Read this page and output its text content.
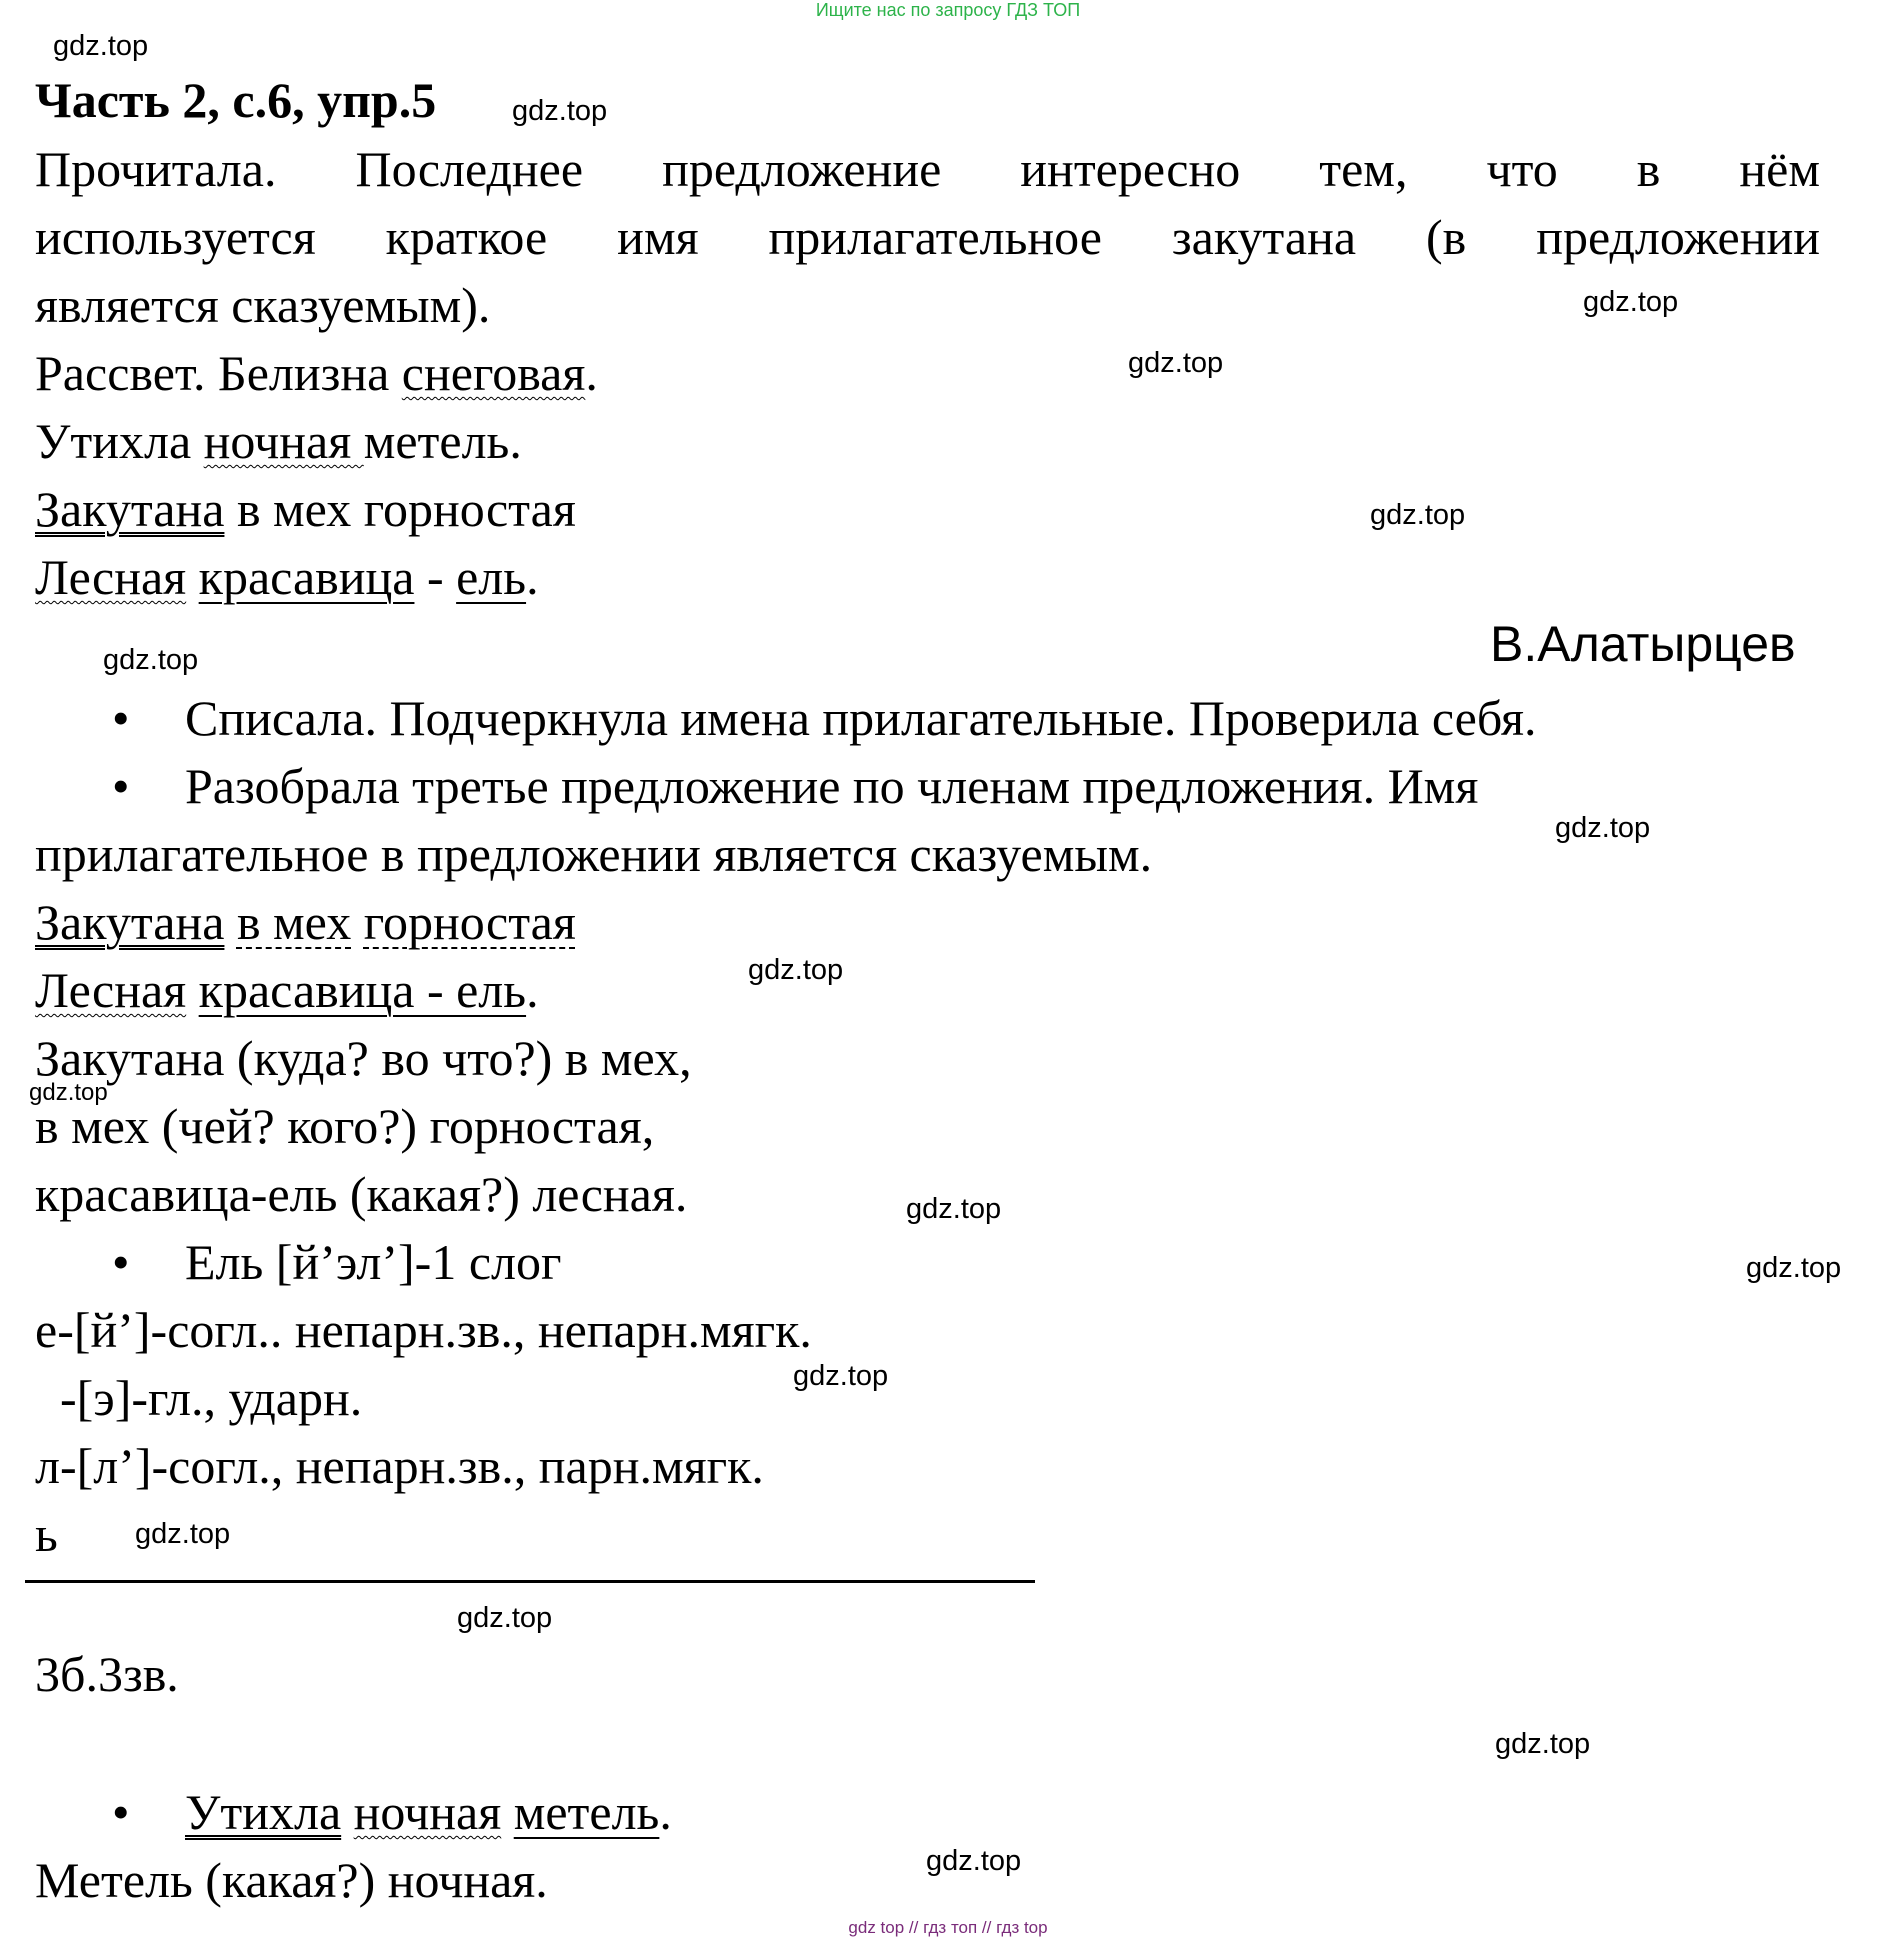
Ищите нас по запросу ГДЗ ТОП
gdz.top
Часть 2, с.6, упр.5	gdz.top
Прочитала. Последнее предложение интересно тем, что в нём
используется краткое имя прилагательное закутана (в предложении
является сказуемым).	gdz.top
Рассвет. Белизна снеговая.	gdz.top
Утихла ночная метель.
Закутана в мех горностая	gdz.top
Лесная красавица - ель.
В.Алатырцев
gdz.top
• Списала. Подчеркнула имена прилагательные. Проверила себя.
• Разобрала третье предложение по членам предложения. Имя
gdz.top
прилагательное в предложении является сказуемым.
Закутана в мех горностая
gdz.top
Лесная красавица - ель.
Закутана (куда? во что?) в мех,
gdz.top
в мех (чей? кого?) горностая,
красавица-ель (какая?) лесная.	gdz.top
• Ель [й’эл’]-1 слог	gdz.top
е-[й’]-согл.. непарн.зв., непарн.мягк.
gdz.top
-[э]-гл., ударн.
л-[л’]-согл., непарн.зв., парн.мягк.
ь	gdz.top
gdz.top
3б.3зв.
gdz.top
• Утихла ночная метель.
gdz.top
Метель (какая?) ночная.
gdz top // гдз топ // гдз top
